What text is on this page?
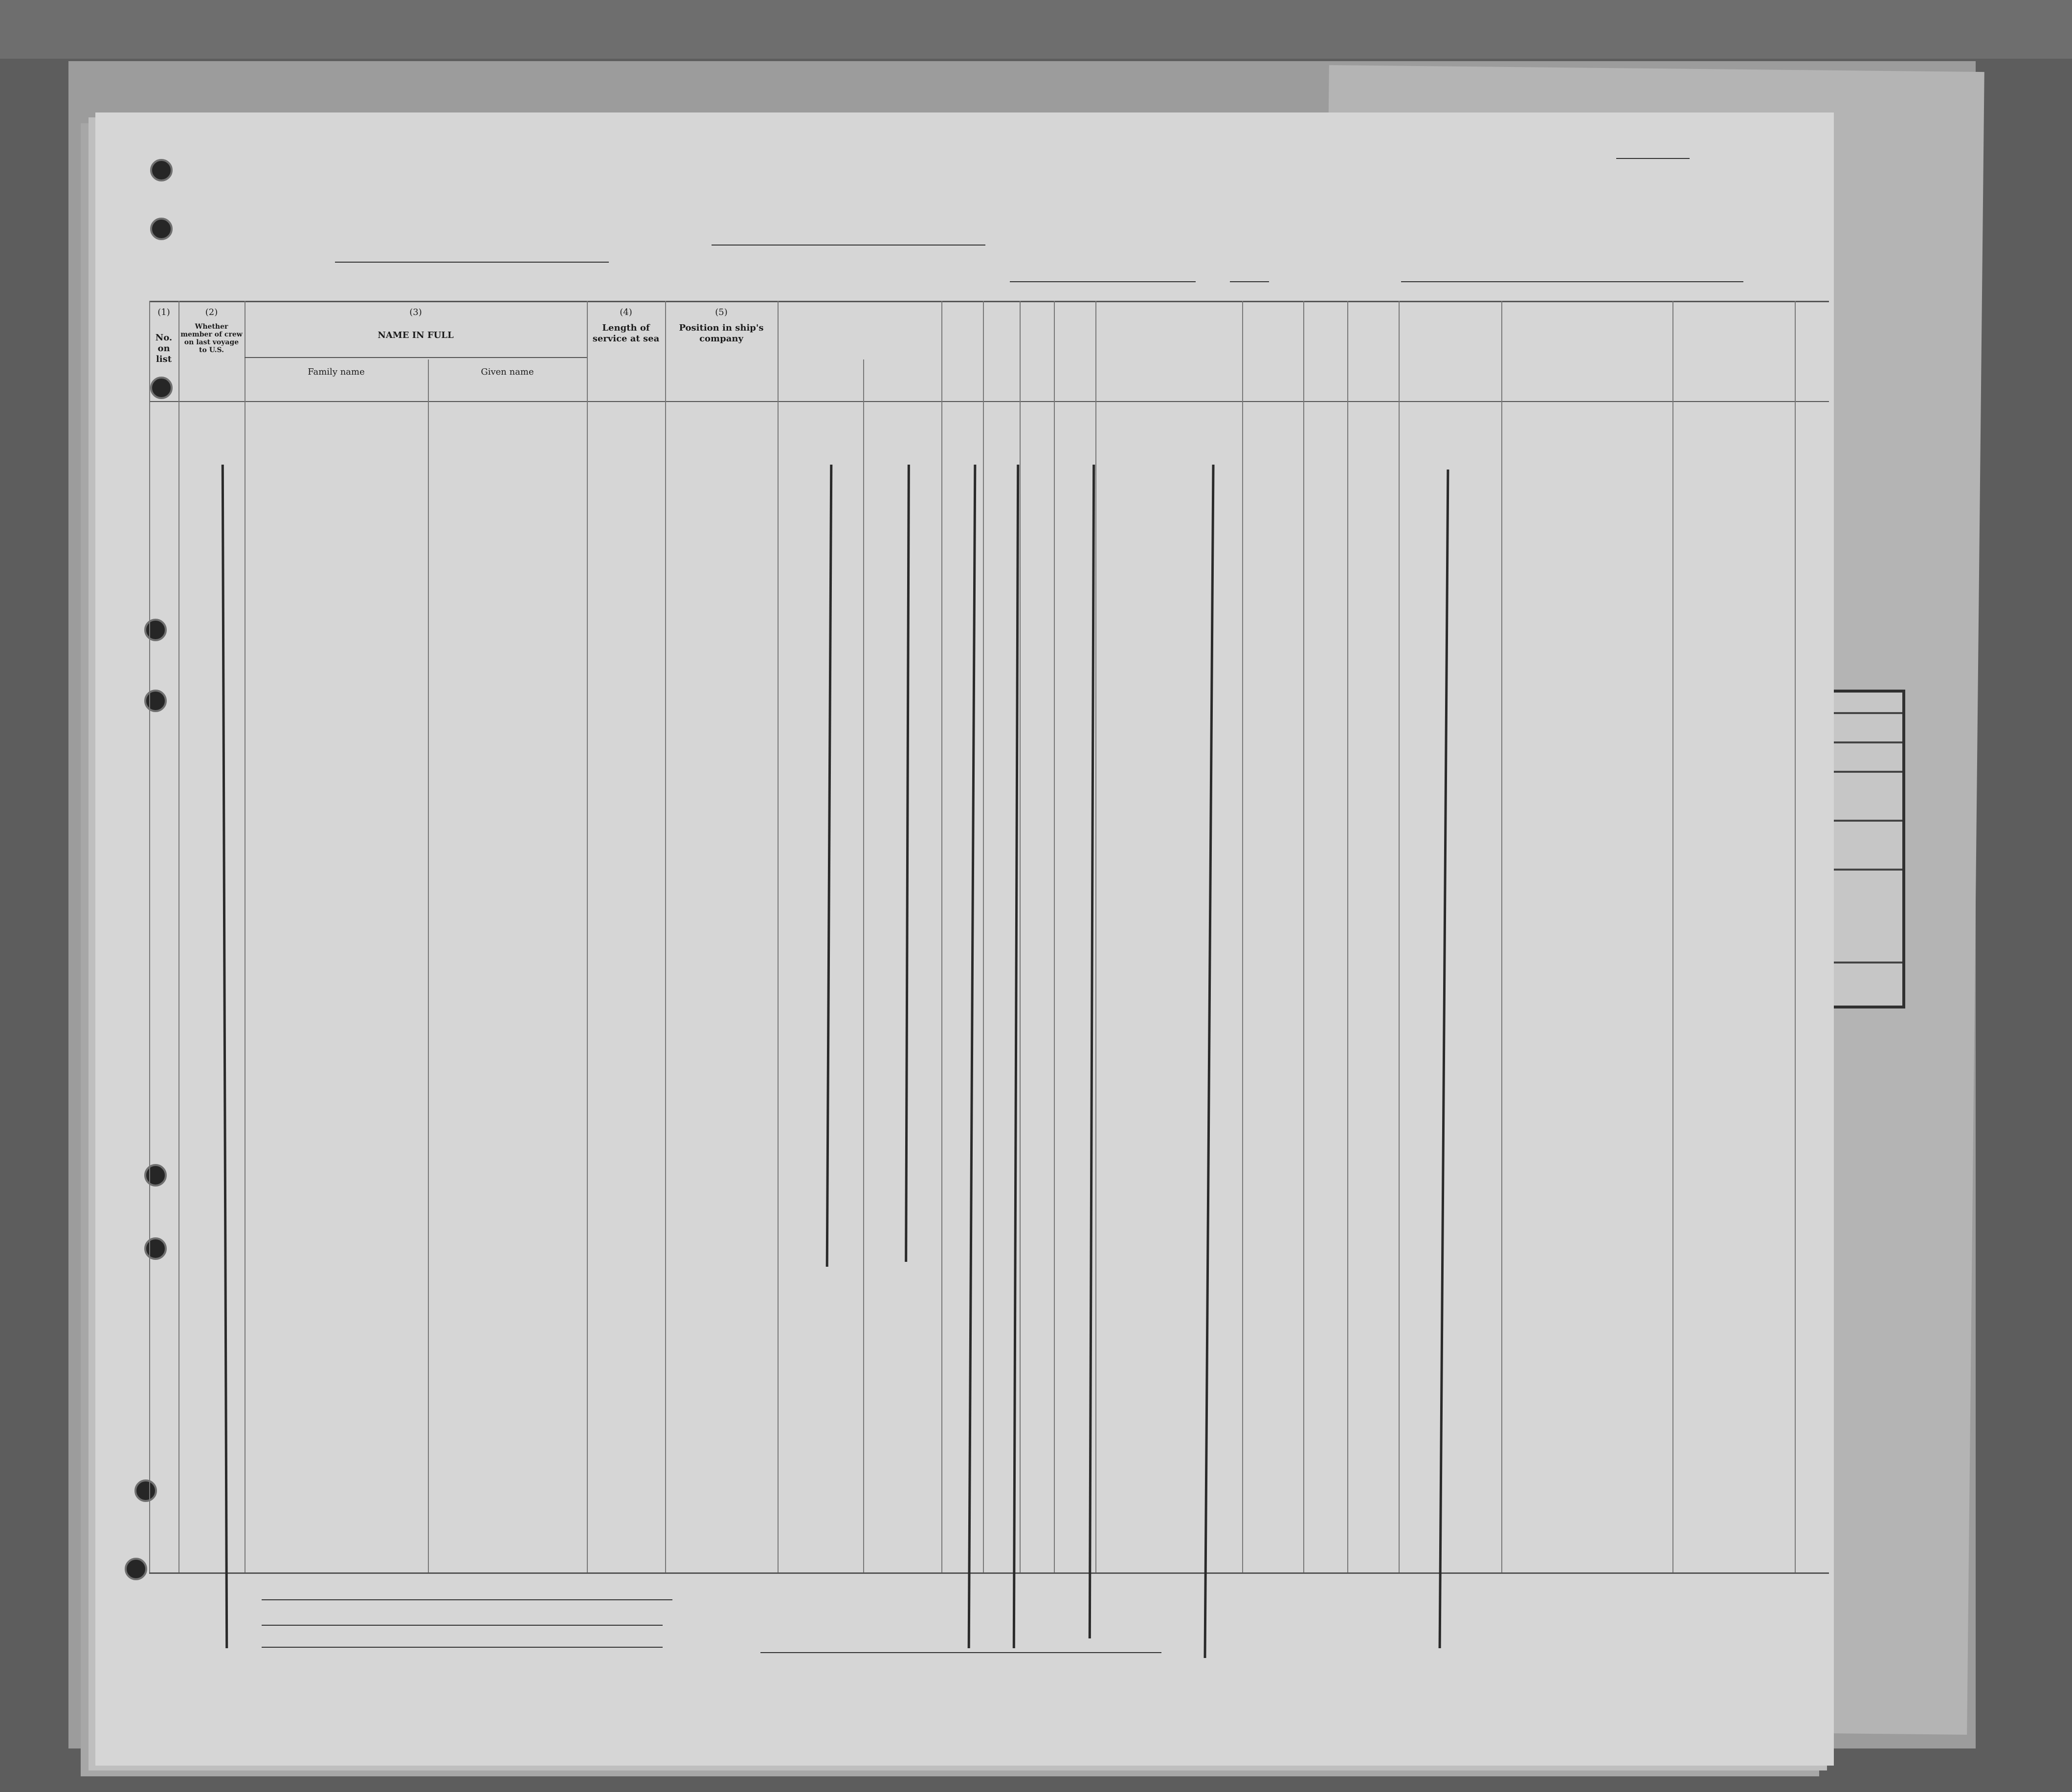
(1)
No. on list
(2)
Whether member of crew on last voyage to U.S.
(3)
NAME IN FULL
Family name	Given name
(4)
Length of service at sea
(5)
Position in ship's company
